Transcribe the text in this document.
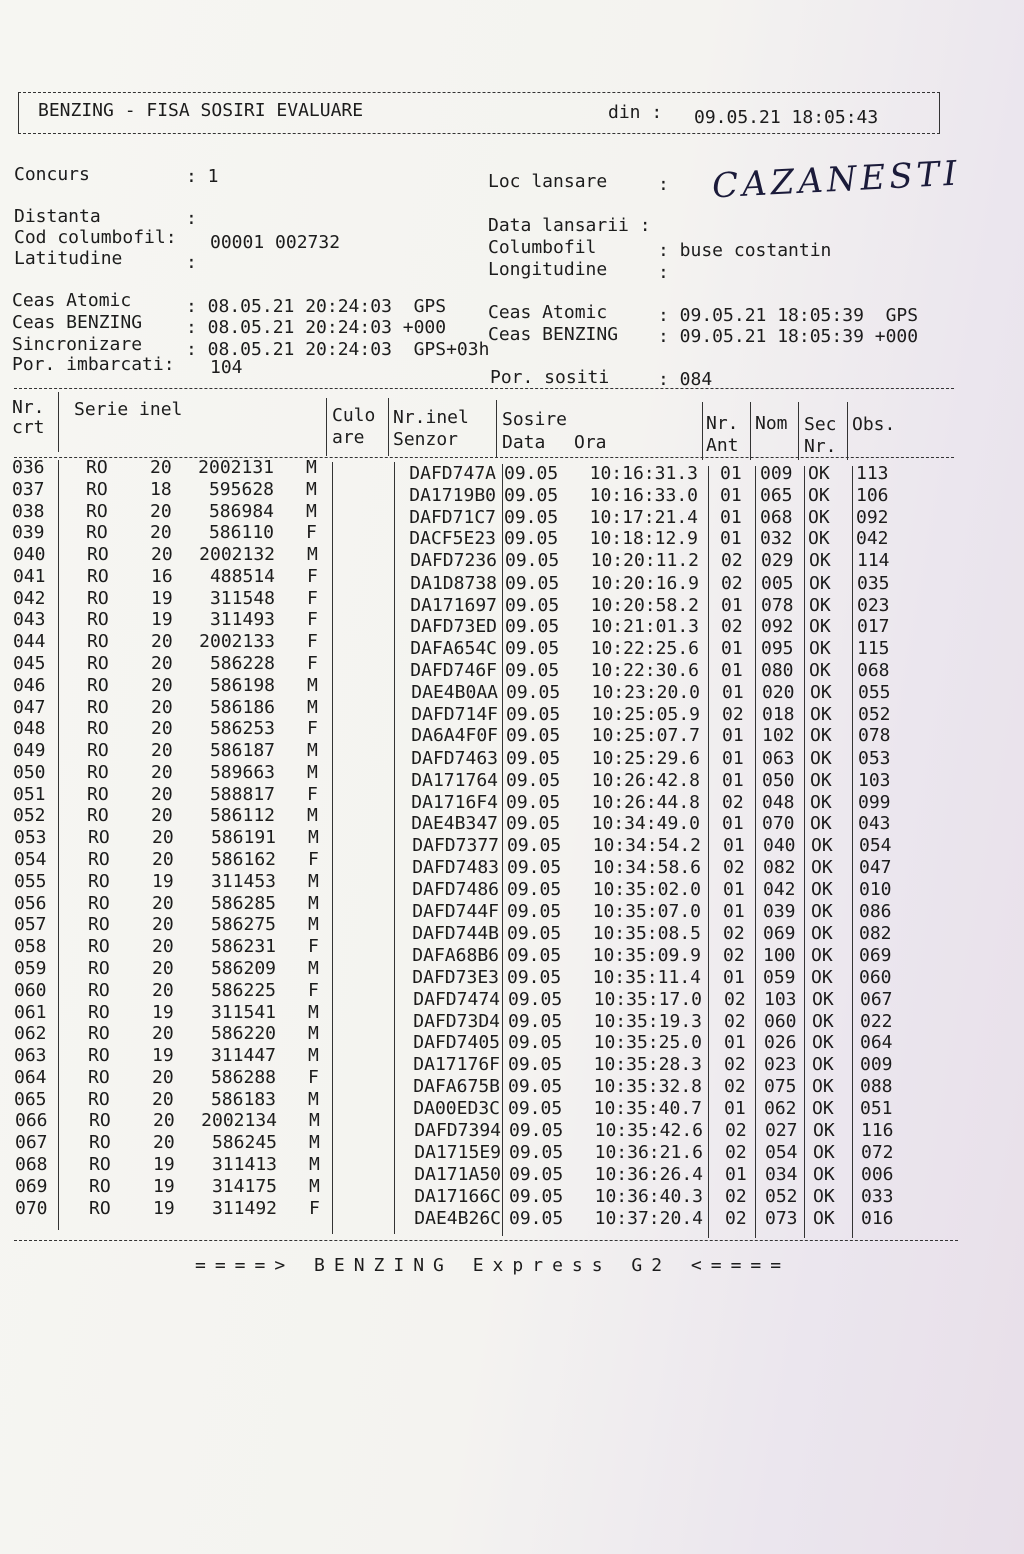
BENZING - FISA SOSIRI EVALUARE	din : 09.05.21 18:05:43
Concurs	: 1	Loc lansare	: CAZANESTI
Distanta	:
Cod columbofil: 00001 002732
Latitudine	:
Data lansarii :
Columbofil	: buse costantin
Longitudine	:
Ceas Atomic	: 08.05.21 20:24:03  GPS
Ceas BENZING : 08.05.21 20:24:03 +000
Sincronizare : 08.05.21 20:24:03  GPS+03h
Por. imbarcati: 104
Ceas Atomic	: 09.05.21 18:05:39  GPS
Ceas BENZING : 09.05.21 18:05:39 +000
Por. sositi	: 084
Nr.
crt
Serie inel	Culo
are
Nr.inel
Senzor
Sosire
Data Ora
Nr.
Ant
Nom Sec
Nr.
Obs.
036	RO	20	2002131 M	DAFD747A 09.05	10:16:31.3 01 009 OK	113
037	RO	18	595628 M	DA1719B0 09.05	10:16:33.0 01 065 OK	106
038	RO	20	586984 M	DAFD71C7 09.05	10:17:21.4 01 068 OK	092
039	RO	20	586110 F	DACF5E23 09.05	10:18:12.9 01 032 OK	042
040	RO	20	2002132 M	DAFD7236 09.05	10:20:11.2 02 029 OK	114
041	RO	16	488514 F	DA1D8738 09.05	10:20:16.9 02 005 OK	035
042	RO	19	311548 F	DA171697 09.05	10:20:58.2 01 078 OK	023
043	RO	19	311493 F	DAFD73ED 09.05	10:21:01.3 02 092 OK	017
044	RO	20	2002133 F	DAFA654C 09.05	10:22:25.6 01 095 OK	115
045	RO	20	586228 F	DAFD746F 09.05	10:22:30.6 01 080 OK	068
046	RO	20	586198 M	DAE4B0AA 09.05	10:23:20.0 01 020 OK	055
047	RO	20	586186 M	DAFD714F 09.05	10:25:05.9 02 018 OK	052
048	RO	20	586253 F	DA6A4F0F 09.05	10:25:07.7 01 102 OK	078
049	RO	20	586187 M	DAFD7463 09.05	10:25:29.6 01 063 OK	053
050	RO	20	589663 M	DA171764 09.05	10:26:42.8 01 050 OK	103
051	RO	20	588817 F	DA1716F4 09.05	10:26:44.8 02 048 OK	099
052	RO	20	586112 M	DAE4B347 09.05	10:34:49.0 01 070 OK	043
053	RO	20	586191 M	DAFD7377 09.05	10:34:54.2 01 040 OK	054
054	RO	20	586162 F	DAFD7483 09.05	10:34:58.6 02 082 OK	047
055	RO	19	311453 M	DAFD7486 09.05	10:35:02.0 01 042 OK	010
056	RO	20	586285 M	DAFD744F 09.05	10:35:07.0 01 039 OK	086
057	RO	20	586275 M	DAFD744B 09.05	10:35:08.5 02 069 OK	082
058	RO	20	586231 F	DAFA68B6 09.05	10:35:09.9 02 100 OK	069
059	RO	20	586209 M	DAFD73E3 09.05	10:35:11.4 01 059 OK	060
060	RO	20	586225 F	DAFD7474 09.05	10:35:17.0 02 103 OK	067
061	RO	19	311541 M	DAFD73D4 09.05	10:35:19.3 02 060 OK	022
062	RO	20	586220 M	DAFD7405 09.05	10:35:25.0 01 026 OK	064
063	RO	19	311447 M	DA17176F 09.05	10:35:28.3 02 023 OK	009
064	RO	20	586288 F	DAFA675B 09.05	10:35:32.8 02 075 OK	088
065	RO	20	586183 M	DA00ED3C 09.05	10:35:40.7 01 062 OK	051
066	RO	20	2002134 M	DAFD7394 09.05	10:35:42.6 02 027 OK	116
067	RO	20	586245 M	DA1715E9 09.05	10:36:21.6 02 054 OK	072
068	RO	19	311413 M	DA171A50 09.05	10:36:26.4 01 034 OK	006
069	RO	19	314175 M	DA17166C 09.05	10:36:40.3 02 052 OK	033
070	RO	19	311492 F	DAE4B26C 09.05	10:37:20.4 02 073 OK	016
====> BENZING Express G2 <====
